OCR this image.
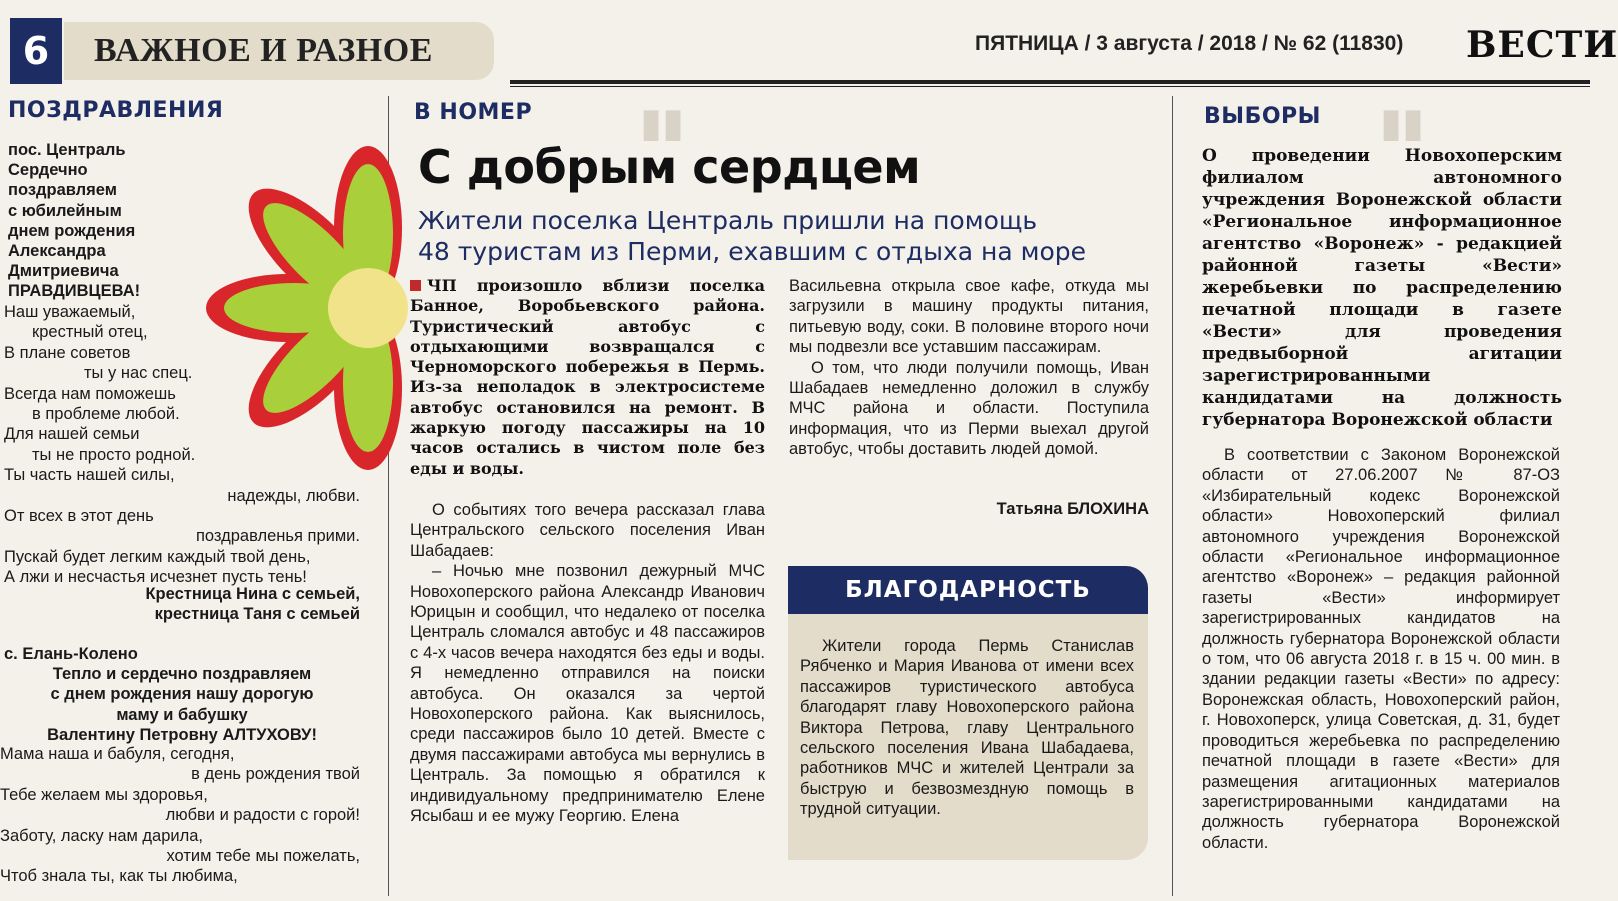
6	ВАЖНОЕ И РАЗНОЕ	ПЯТНИЦА / 3 августа / 2018 / № 62 (11830) ВЕСТИ
▮▮	▮▮
ПОЗДРАВЛЕНИЯ
пос. Централь
Сердечно
поздравляем
с юбилейным
днем рождения
Александра
Дмитриевича
ПРАВДИВЦЕВА!
Наш уважаемый,
крестный отец,
В плане советов
ты у нас спец.
Всегда нам поможешь
в проблеме любой.
Для нашей семьи
ты не просто родной.
Ты часть нашей силы,
надежды, любви.
От всех в этот день
поздравленья прими.
Пускай будет легким каждый твой день,
А лжи и несчастья исчезнет пусть тень!
Крестница Нина с семьей,
крестница Таня с семьей
с. Елань-Колено
Тепло и сердечно поздравляем
с днем рождения нашу дорогую
маму и бабушку
Валентину Петровну АЛТУХОВУ!
Мама наша и бабуля, сегодня,
в день рождения твой
Тебе желаем мы здоровья,
любви и радости с горой!
Заботу, ласку нам дарила,
хотим тебе мы пожелать,
Чтоб знала ты, как ты любима,
В НОМЕР
С добрым сердцем
Жители поселка Централь пришли на помощь
48 туристам из Перми, ехавшим с отдыха на море
ЧП произошло вблизи поселка Банное, Воробьевского района. Туристический автобус с отдыхающими возвращался с Черноморского побережья в Пермь. Из-за неполадок в электросистеме автобус остановился на ремонт. В жаркую погоду пассажиры на 10 часов остались в чистом поле без еды и воды.

О событиях того вечера рассказал глава Центральского сельского поселения Иван Шабадаев:

– Ночью мне позвонил дежурный МЧС Новохоперского района Александр Иванович Юрицын и сообщил, что недалеко от поселка Централь сломался автобус и 48 пассажиров с 4-х часов вечера находятся без еды и воды. Я немедленно отправился на поиски автобуса. Он оказался за чертой Новохоперского района. Как выяснилось, среди пассажиров было 10 детей. Вместе с двумя пассажирами автобуса мы вернулись в Централь. За помощью я обратился к индивидуальному предпринимателю Елене Ясыбаш и ее мужу Георгию. Елена

Васильевна открыла свое кафе, откуда мы загрузили в машину продукты питания, питьевую воду, соки. В половине второго ночи мы подвезли все уставшим пассажирам.

О том, что люди получили помощь, Иван Шабадаев немедленно доложил в службу МЧС района и области. Поступила информация, что из Перми выехал другой автобус, чтобы доставить людей домой.

Татьяна БЛОХИНА
БЛАГОДАРНОСТЬ

Жители города Пермь Станислав Рябченко и Мария Иванова от имени всех пассажиров туристического автобуса благодарят главу Новохоперского района Виктора Петрова, главу Центрального сельского поселения Ивана Шабадаева, работников МЧС и жителей Централи за быструю и безвозмездную помощь в трудной ситуации.

ВЫБОРЫ
О проведении Новохоперским филиалом автономного учреждения Воронежской области «Региональное информационное агентство «Воронеж» - редакцией районной газеты «Вести» жеребьевки по распределению печатной площади в газете «Вести» для проведения предвыборной агитации зарегистрированными кандидатами на должность губернатора Воронежской области

В соответствии с Законом Воронежской области от 27.06.2007 № 87-ОЗ «Избирательный кодекс Воронежской области» Новохоперский филиал автономного учреждения Воронежской области «Региональное информационное агентство «Воронеж» – редакция районной газеты «Вести» информирует зарегистрированных кандидатов на должность губернатора Воронежской области о том, что 06 августа 2018 г. в 15 ч. 00 мин. в здании редакции газеты «Вести» по адресу: Воронежская область, Новохоперский район, г. Новохоперск, улица Советская, д. 31, будет проводиться жеребьевка по распределению печатной площади в газете «Вести» для размещения агитационных материалов зарегистрированными кандидатами на должность губернатора Воронежской области.
